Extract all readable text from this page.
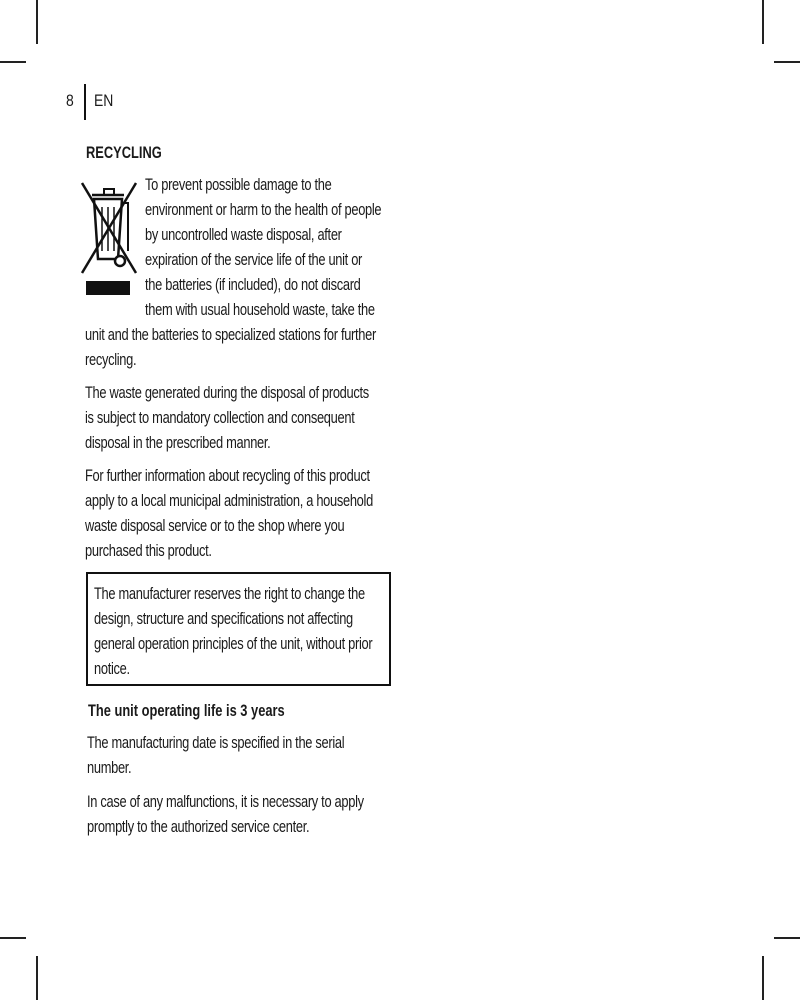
8 EN
RECYCLING
To prevent possible damage to the
environment or harm to the health of people
by uncontrolled waste disposal, after
expiration of the service life of the unit or
the batteries (if included), do not discard
them with usual household waste, take the
unit and the batteries to specialized stations for further
recycling.
The waste generated during the disposal of products
is subject to mandatory collection and consequent
disposal in the prescribed manner.
For further information about recycling of this product
apply to a local municipal administration, a household
waste disposal service or to the shop where you
purchased this product.
The manufacturer reserves the right to change the
design, structure and specifications not affecting
general operation principles of the unit, without prior
notice.
The unit operating life is 3 years
The manufacturing date is specified in the serial
number.
In case of any malfunctions, it is necessary to apply
promptly to the authorized service center.
